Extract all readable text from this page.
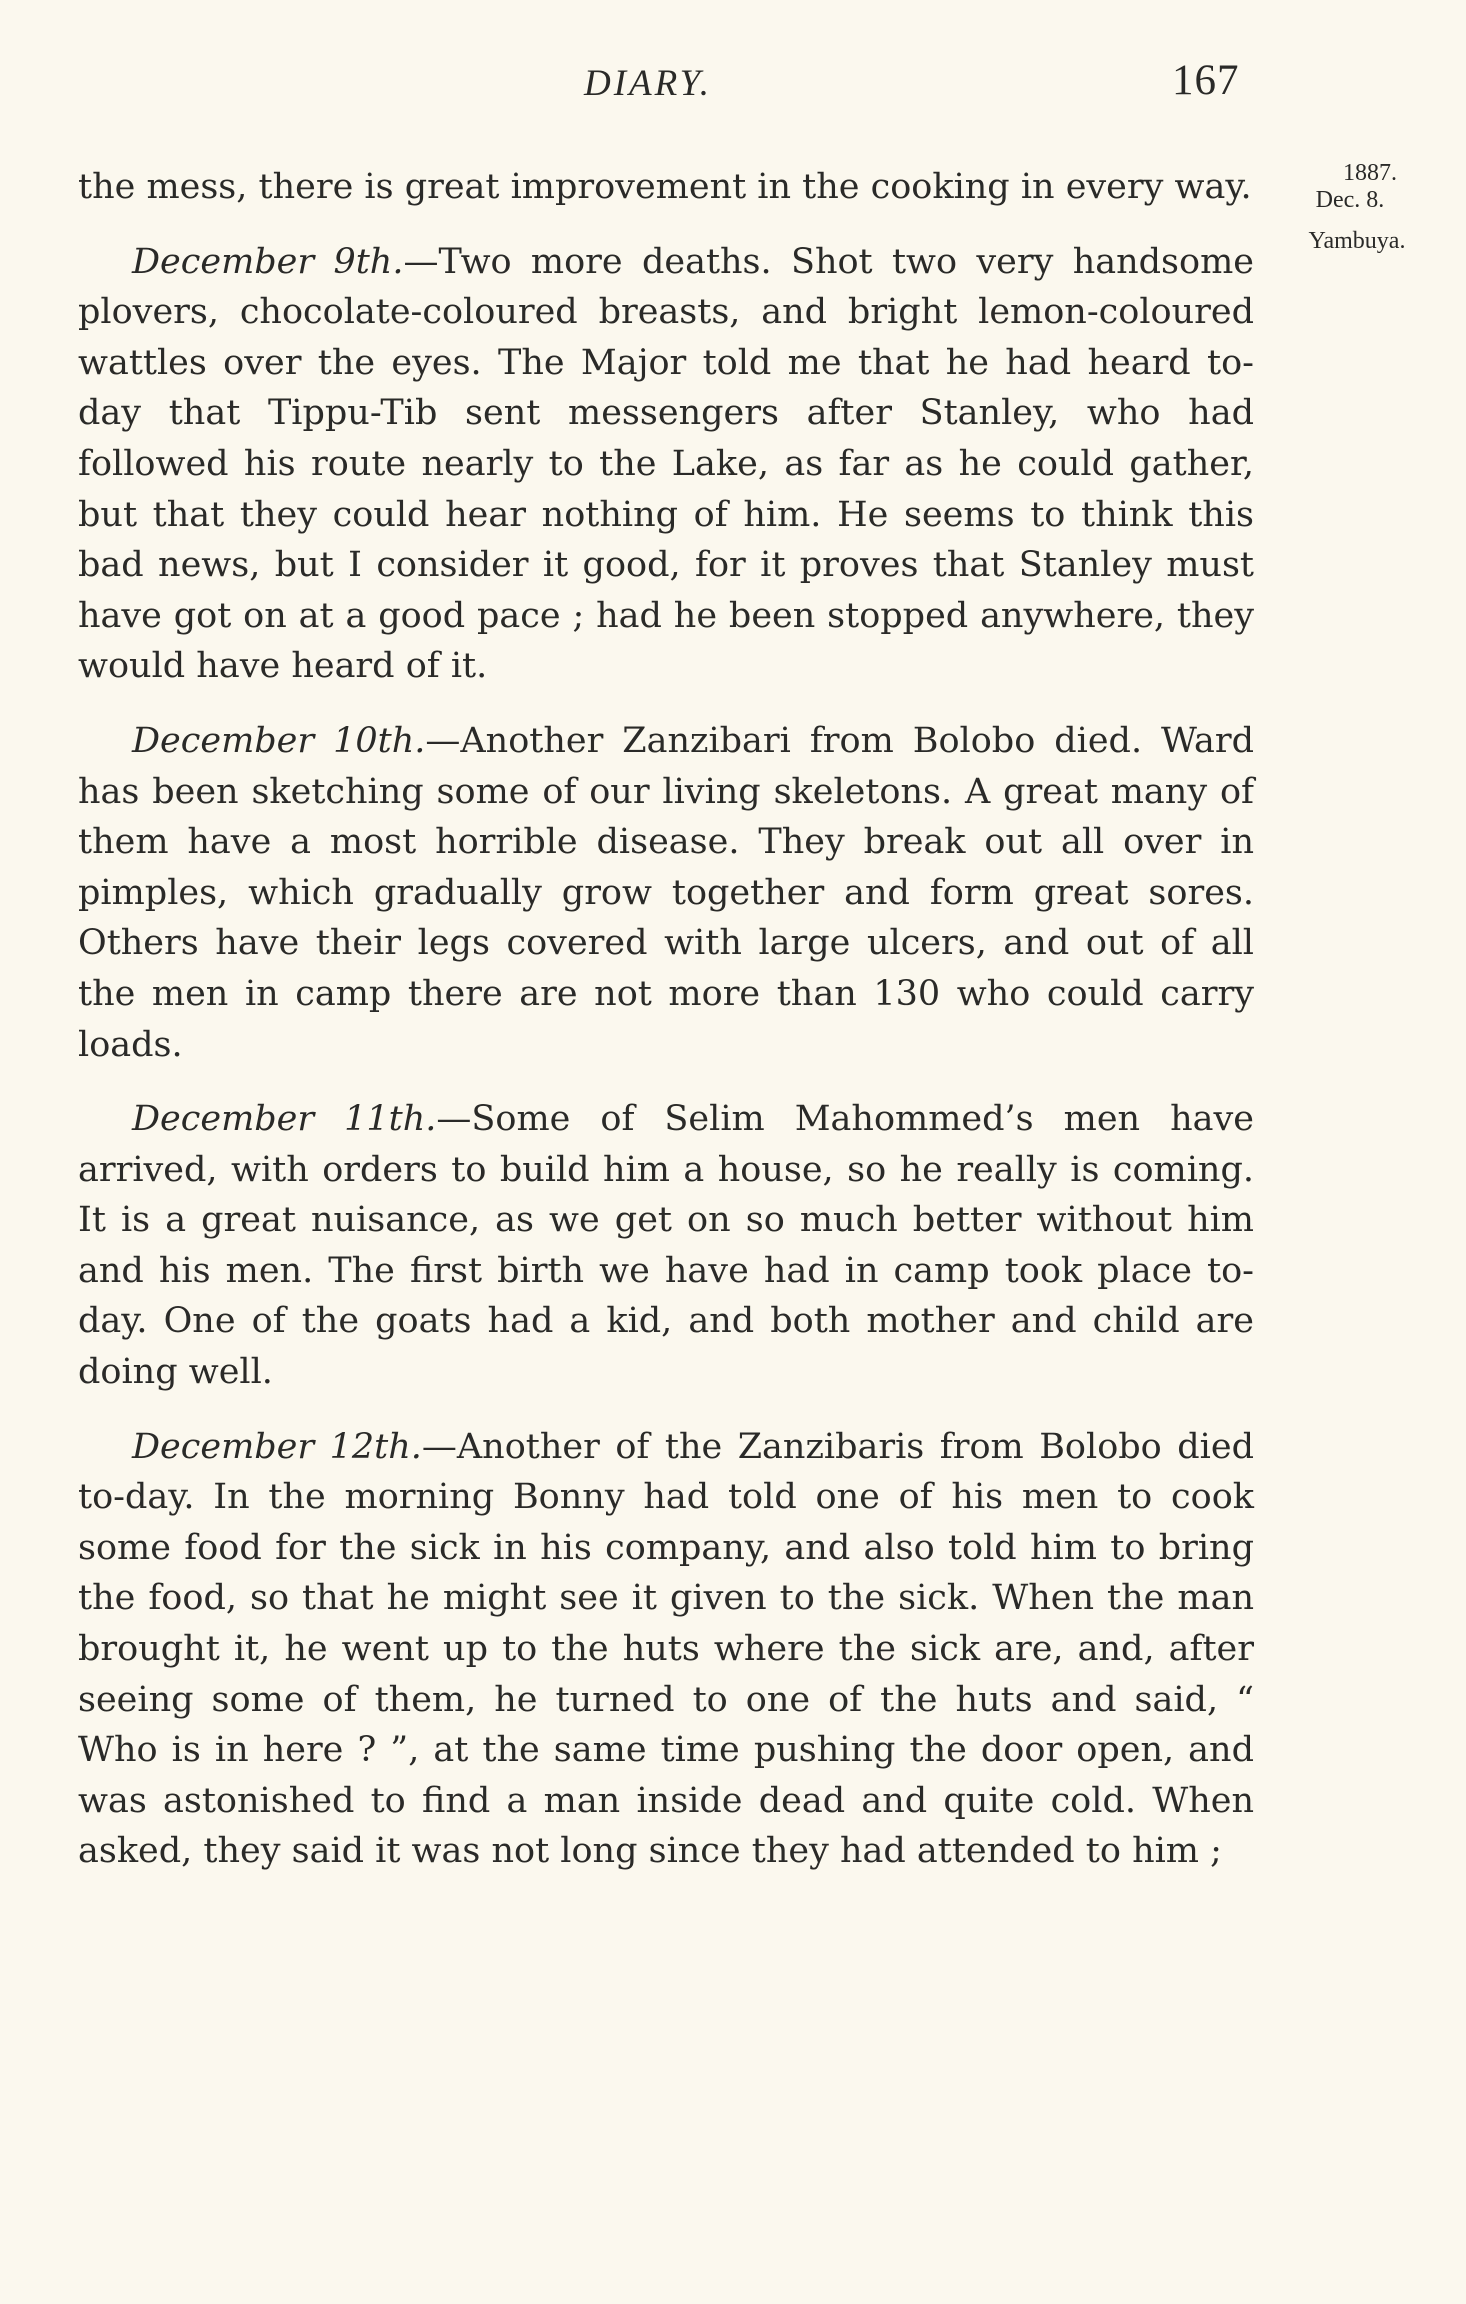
DIARY.	167
1887.
Dec. 8.
Yambuya.

the mess, there is great improvement in the cooking in every way.

December 9th.—Two more deaths. Shot two very handsome plovers, chocolate-coloured breasts, and bright lemon-coloured wattles over the eyes. The Major told me that he had heard to-day that Tippu-Tib sent messengers after Stanley, who had followed his route nearly to the Lake, as far as he could gather, but that they could hear nothing of him. He seems to think this bad news, but I consider it good, for it proves that Stanley must have got on at a good pace ; had he been stopped anywhere, they would have heard of it.

December 10th.—Another Zanzibari from Bolobo died. Ward has been sketching some of our living skeletons. A great many of them have a most horrible disease. They break out all over in pimples, which gradually grow together and form great sores. Others have their legs covered with large ulcers, and out of all the men in camp there are not more than 130 who could carry loads.

December 11th.—Some of Selim Mahommed’s men have arrived, with orders to build him a house, so he really is coming. It is a great nuisance, as we get on so much better without him and his men. The first birth we have had in camp took place to-day. One of the goats had a kid, and both mother and child are doing well.

December 12th.—Another of the Zanzibaris from Bolobo died to-day. In the morning Bonny had told one of his men to cook some food for the sick in his company, and also told him to bring the food, so that he might see it given to the sick. When the man brought it, he went up to the huts where the sick are, and, after seeing some of them, he turned to one of the huts and said, “ Who is in here ? ”, at the same time pushing the door open, and was astonished to find a man inside dead and quite cold. When asked, they said it was not long since they had attended to him ;
